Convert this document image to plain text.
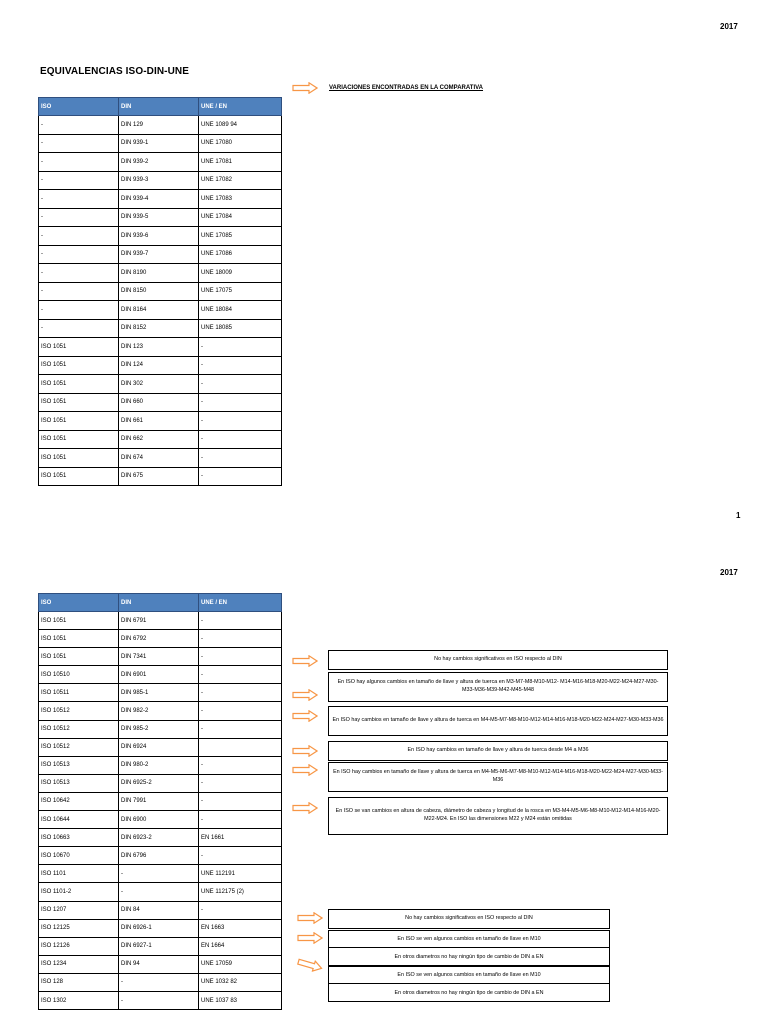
2017
EQUIVALENCIAS ISO-DIN-UNE
VARIACIONES ENCONTRADAS EN LA COMPARATIVA
ISO	DIN	UNE / EN
-	DIN 129	UNE 1089 94
-	DIN 939-1	UNE 17080
-	DIN 939-2	UNE 17081
-	DIN 939-3	UNE 17082
-	DIN 939-4	UNE 17083
-	DIN 939-5	UNE 17084
-	DIN 939-6	UNE 17085
-	DIN 939-7	UNE 17086
-	DIN 8190	UNE 18009
-	DIN 8150	UNE 17075
-	DIN 8164	UNE 18084
-	DIN 8152	UNE 18085
ISO 1051	DIN 123	-
ISO 1051	DIN 124	-
ISO 1051	DIN 302	-
ISO 1051	DIN 660	-
ISO 1051	DIN 661	-
ISO 1051	DIN 662	-
ISO 1051	DIN 674	-
ISO 1051	DIN 675	-
1
2017
ISO	DIN	UNE / EN
ISO 1051	DIN 6791	-
ISO 1051	DIN 6792	-
ISO 1051	DIN 7341	-
ISO 10510	DIN 6901	-
ISO 10511	DIN 985-1	-
ISO 10512	DIN 982-2	-
ISO 10512	DIN 985-2	-
ISO 10512	DIN 6924	
ISO 10513	DIN 980-2	-
ISO 10513	DIN 6925-2	-
ISO 10642	DIN 7991	-
ISO 10644	DIN 6900	-
ISO 10663	DIN 6923-2	EN 1661
ISO 10670	DIN 6796	-
ISO 1101	-	UNE 112191
ISO 1101-2	-	UNE 112175 (2)
ISO 1207	DIN 84	-
ISO 12125	DIN 6926-1	EN 1663
ISO 12126	DIN 6927-1	EN 1664
ISO 1234	DIN 94	UNE 17059
ISO 128	-	UNE 1032 82
ISO 1302	-	UNE 1037 83
No hay cambios significativos en ISO respecto al DIN
En ISO hay algunos cambios en tamaño de llave y altura de tuerca en M3-M7-M8-M10-M12- M14-M16-M18-M20-M22-M24-M27-M30-M33-M36-M39-M42-M45-M48
En ISO hay cambios en tamaño de llave y altura de tuerca en M4-M5-M7-M8-M10-M12-M14-M16-M18-M20-M22-M24-M27-M30-M33-M36
En ISO hay cambios en tamaño de llave y altura de tuerca desde M4 a M36
En ISO hay cambios en tamaño de llave y altura de tuerca en M4-M5-M6-M7-M8-M10-M12-M14-M16-M18-M20-M22-M24-M27-M30-M33-M36
En ISO se van cambios en altura de cabeza, diámetro de cabeza y longitud de la rosca en M3-M4-M5-M6-M8-M10-M12-M14-M16-M20-M22-M24. En ISO las dimensiones M22 y M24 están omitidas
No hay cambios significativos en ISO respecto al DIN
En ISO se ven algunos cambios en tamaño de llave en M10
En otros diametros no hay ningún tipo de cambio de DIN a EN
En ISO se ven algunos cambios en tamaño de llave en M10
En otros diametros no hay ningún tipo de cambio de DIN a EN
